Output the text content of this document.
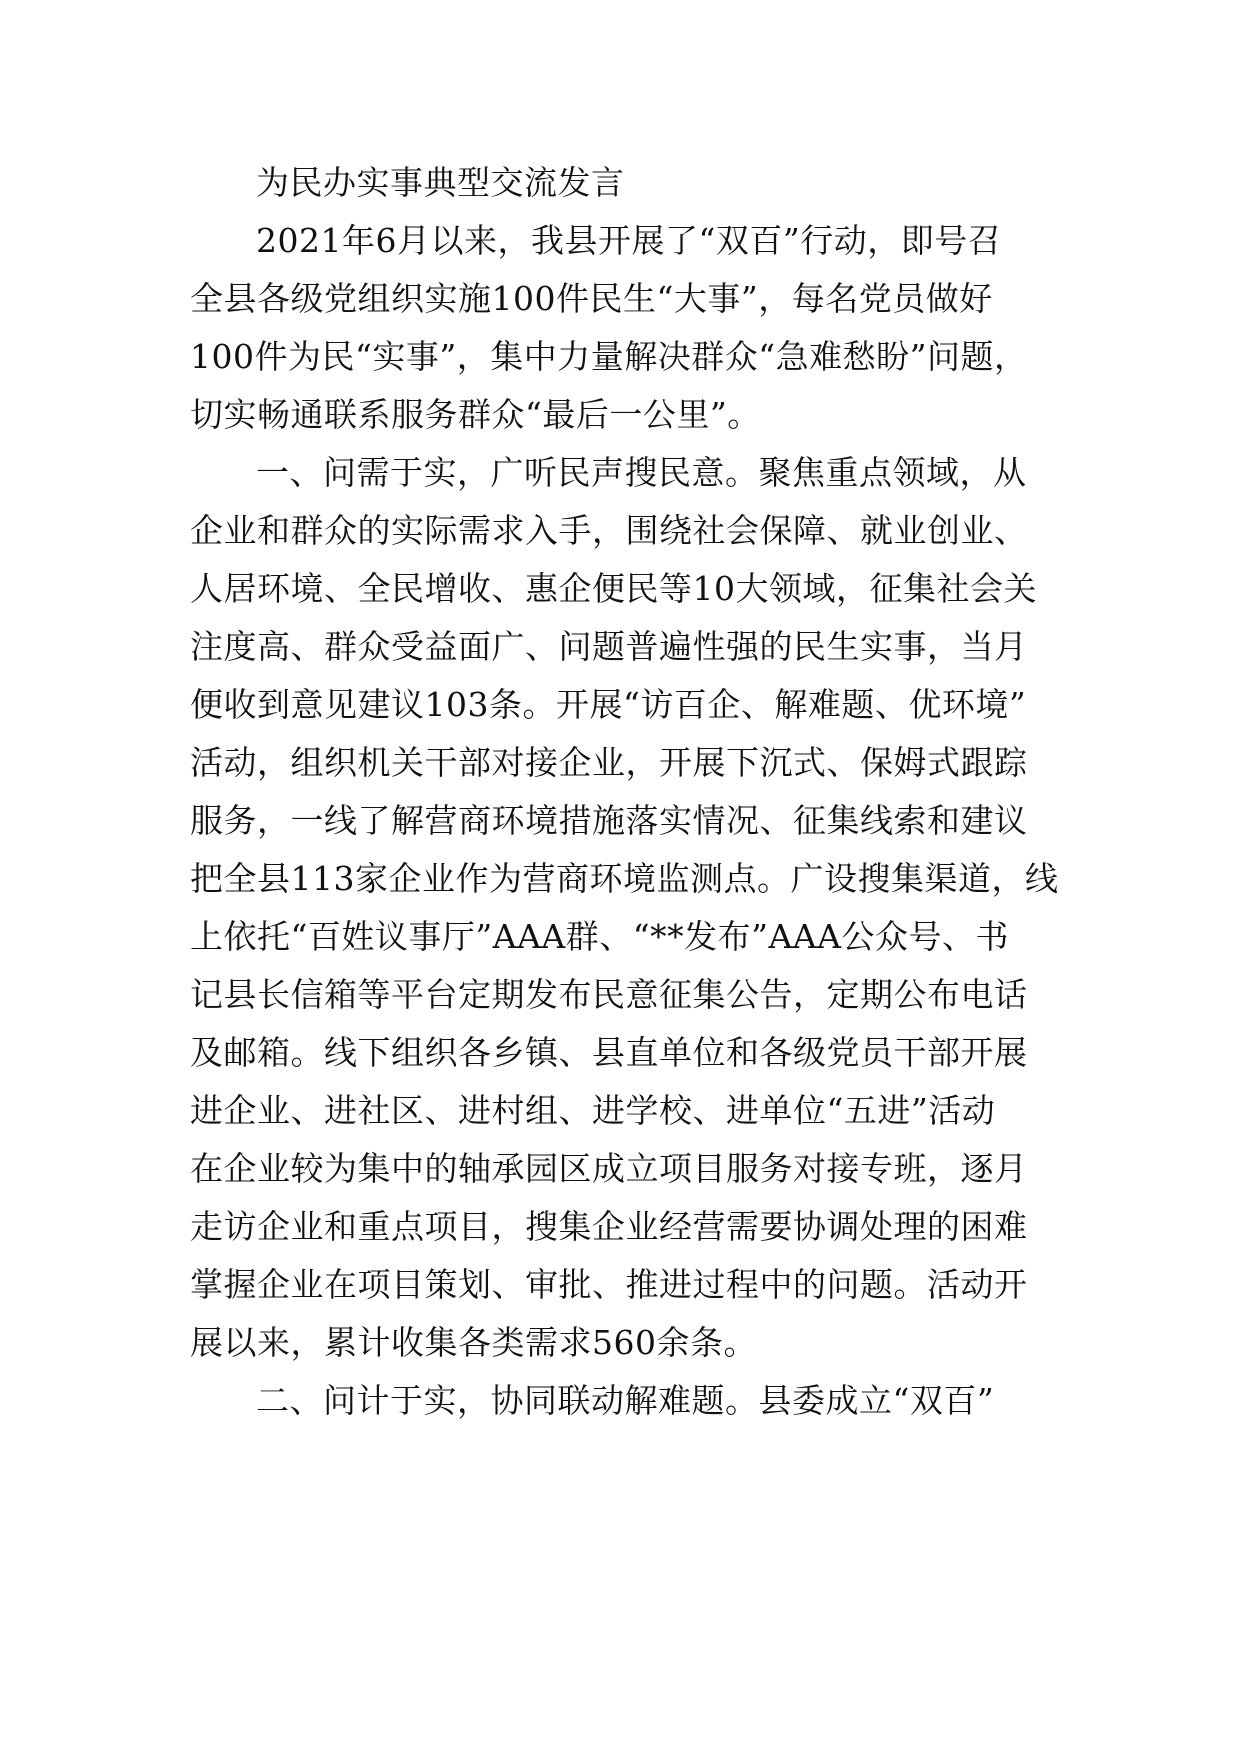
为民办实事典型交流发言
2021年6月以来，我县开展了“双百”行动，即号召
全县各级党组织实施100件民生“大事”，每名党员做好
100件为民“实事”，集中力量解决群众“急难愁盼”问题，
切实畅通联系服务群众“最后一公里”。
一、问需于实，广听民声搜民意。聚焦重点领域，从
企业和群众的实际需求入手，围绕社会保障、就业创业、
人居环境、全民增收、惠企便民等10大领域，征集社会关
注度高、群众受益面广、问题普遍性强的民生实事，当月
便收到意见建议103条。开展“访百企、解难题、优环境”
活动，组织机关干部对接企业，开展下沉式、保姆式跟踪
服务，一线了解营商环境措施落实情况、征集线索和建议
把全县113家企业作为营商环境监测点。广设搜集渠道，线
上依托“百姓议事厅”AAA群、“**发布”AAA公众号、书
记县长信箱等平台定期发布民意征集公告，定期公布电话
及邮箱。线下组织各乡镇、县直单位和各级党员干部开展
进企业、进社区、进村组、进学校、进单位“五进”活动
在企业较为集中的轴承园区成立项目服务对接专班，逐月
走访企业和重点项目，搜集企业经营需要协调处理的困难
掌握企业在项目策划、审批、推进过程中的问题。活动开
展以来，累计收集各类需求560余条。
二、问计于实，协同联动解难题。县委成立“双百”
